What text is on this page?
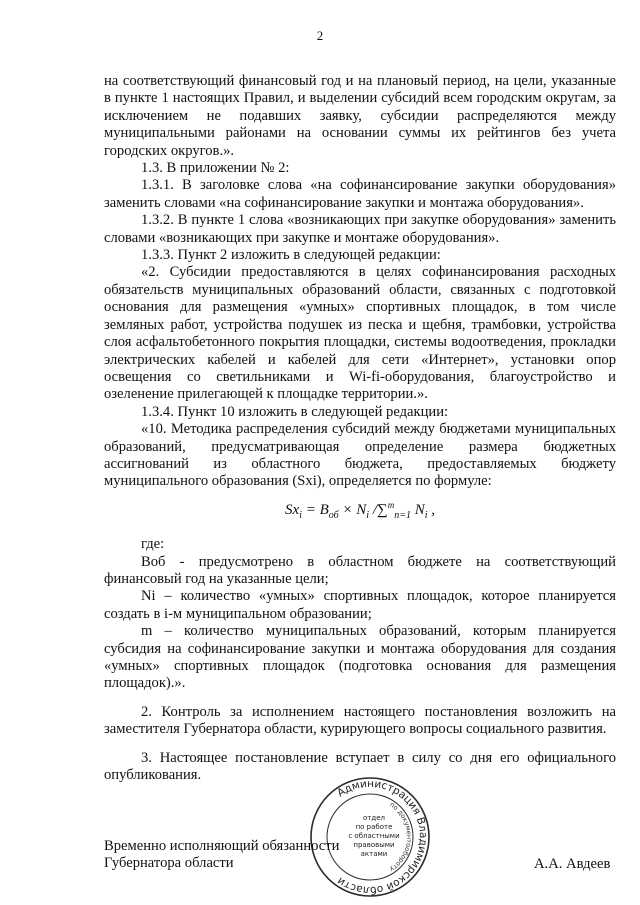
2

на соответствующий финансовый год и на плановый период, на цели, указанные в пункте 1 настоящих Правил, и выделении субсидий всем городским округам, за исключением не подавших заявку, субсидии распределяются между муниципальными районами на основании суммы их рейтингов без учета городских округов.».

1.3. В приложении № 2:

1.3.1. В заголовке слова «на софинансирование закупки оборудования» заменить словами «на софинансирование закупки и монтажа оборудования».

1.3.2. В пункте 1 слова «возникающих при закупке оборудования» заменить словами «возникающих при закупке и монтаже оборудования».

1.3.3. Пункт 2 изложить в следующей редакции:

«2. Субсидии предоставляются в целях софинансирования расходных обязательств муниципальных образований области, связанных с подготовкой основания для размещения «умных» спортивных площадок, в том числе земляных работ, устройства подушек из песка и щебня, трамбовки, устройства слоя асфальтобетонного покрытия площадки, системы водоотведения, прокладки электрических кабелей и кабелей для сети «Интернет», установки опор освещения со светильниками и Wi-fi-оборудования, благоустройство и озеленение прилегающей к площадке территории.».

1.3.4. Пункт 10 изложить в следующей редакции:

«10. Методика распределения субсидий между бюджетами муниципальных образований, предусматривающая определение размера бюджетных ассигнований из областного бюджета, предоставляемых бюджету муниципального образования (Sxi), определяется по формуле:

$Sx_i = B_{об} \times N_i$ /∑$^m_{n=1}$ $N_i$ ,

где:

Воб - предусмотрено в областном бюджете на соответствующий финансовый год на указанные цели;

Ni – количество «умных» спортивных площадок, которое планируется создать в i-м муниципальном образовании;

m – количество муниципальных образований, которым планируется субсидия на софинансирование закупки и монтажа оборудования для создания «умных» спортивных площадок (подготовка основания для размещения площадок).».

2. Контроль за исполнением настоящего постановления возложить на заместителя Губернатора области, курирующего вопросы социального развития.

3. Настоящее постановление вступает в силу со дня его официального опубликования.

Администрация Владимирской области
по документообороту
отдел
по работе
с областными
правовыми
актами
Временно исполняющий обязанности
Губернатора области	А.А. Авдеев
